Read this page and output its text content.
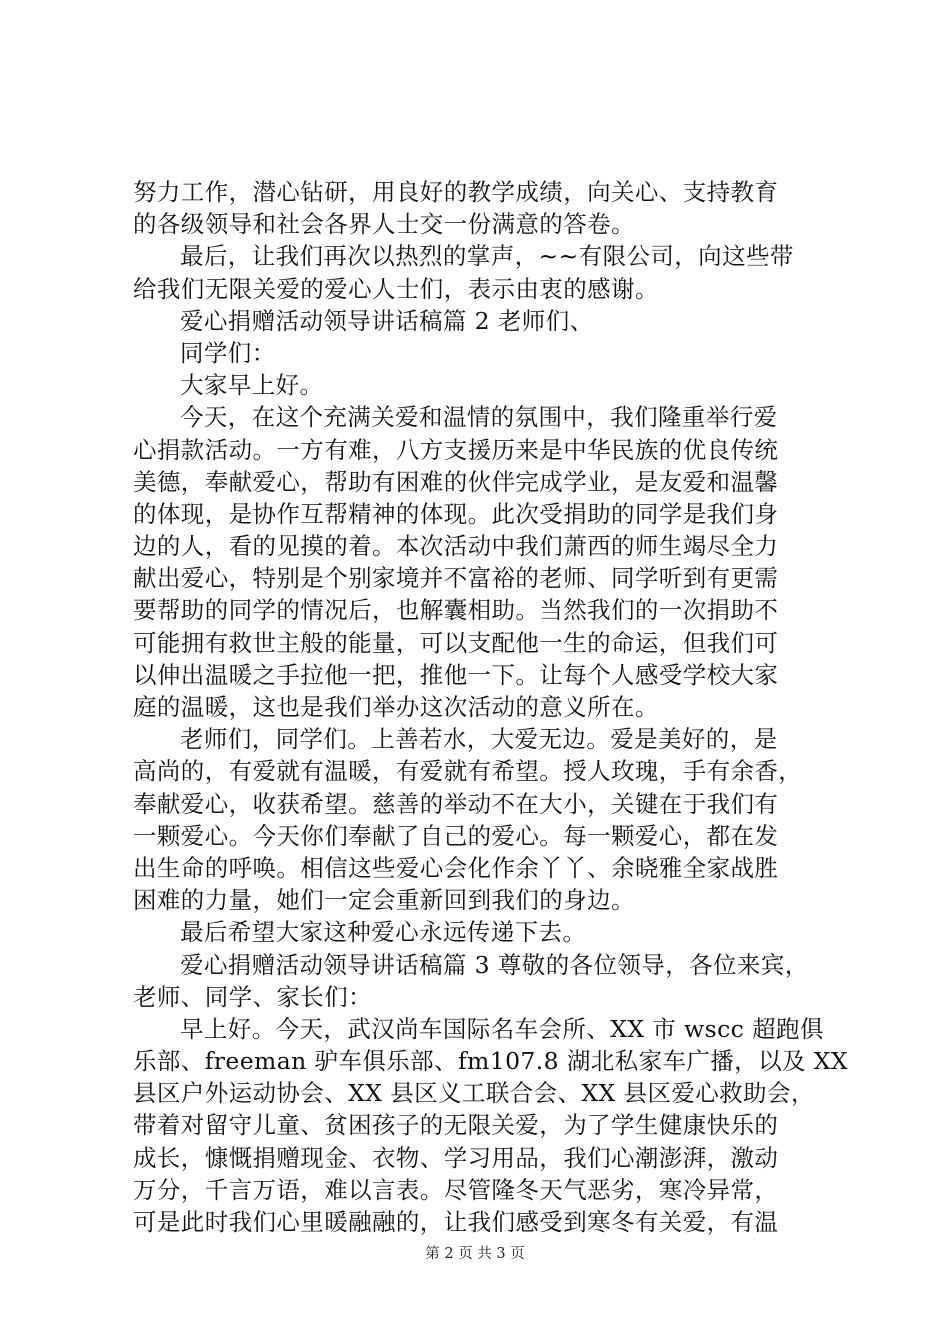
努力工作，潜心钻研，用良好的教学成绩，向关心、支持教育
的各级领导和社会各界人士交一份满意的答卷。
最后，让我们再次以热烈的掌声，~~有限公司，向这些带
给我们无限关爱的爱心人士们，表示由衷的感谢。
爱心捐赠活动领导讲话稿篇 2 老师们、
同学们：
大家早上好。
今天，在这个充满关爱和温情的氛围中，我们隆重举行爱
心捐款活动。一方有难，八方支援历来是中华民族的优良传统
美德，奉献爱心，帮助有困难的伙伴完成学业，是友爱和温馨
的体现，是协作互帮精神的体现。此次受捐助的同学是我们身
边的人，看的见摸的着。本次活动中我们萧西的师生竭尽全力
献出爱心，特别是个别家境并不富裕的老师、同学听到有更需
要帮助的同学的情况后，也解囊相助。当然我们的一次捐助不
可能拥有救世主般的能量，可以支配他一生的命运，但我们可
以伸出温暖之手拉他一把，推他一下。让每个人感受学校大家
庭的温暖，这也是我们举办这次活动的意义所在。
老师们，同学们。上善若水，大爱无边。爱是美好的，是
高尚的，有爱就有温暖，有爱就有希望。授人玫瑰，手有余香，
奉献爱心，收获希望。慈善的举动不在大小，关键在于我们有
一颗爱心。今天你们奉献了自己的爱心。每一颗爱心，都在发
出生命的呼唤。相信这些爱心会化作余丫丫、余晓雅全家战胜
困难的力量，她们一定会重新回到我们的身边。
最后希望大家这种爱心永远传递下去。
爱心捐赠活动领导讲话稿篇 3 尊敬的各位领导，各位来宾，
老师、同学、家长们：
早上好。今天，武汉尚车国际名车会所、XX 市 wscc 超跑俱
乐部、freeman 驴车俱乐部、fm107.8 湖北私家车广播，以及 XX
县区户外运动协会、XX 县区义工联合会、XX 县区爱心救助会，
带着对留守儿童、贫困孩子的无限关爱，为了学生健康快乐的
成长，慷慨捐赠现金、衣物、学习用品，我们心潮澎湃，激动
万分，千言万语，难以言表。尽管隆冬天气恶劣，寒冷异常，
可是此时我们心里暖融融的，让我们感受到寒冬有关爱，有温
第 2 页 共 3 页
